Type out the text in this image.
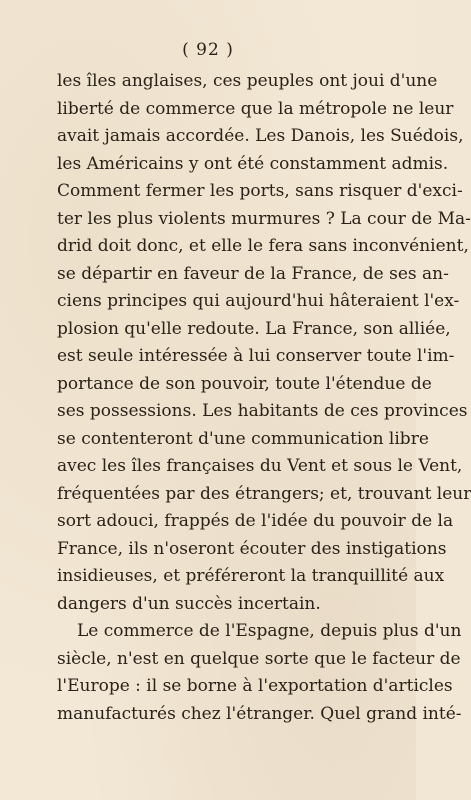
( 92 )
les îles anglaises, ces peuples ont joui d'une
liberté de commerce que la métropole ne leur
avait jamais accordée. Les Danois, les Suédois,
les Américains y ont été constamment admis.
Comment fermer les ports, sans risquer d'exci-
ter les plus violents murmures ? La cour de Ma-
drid doit donc, et elle le fera sans inconvénient,
se départir en faveur de la France, de ses an-
ciens principes qui aujourd'hui hâteraient l'ex-
plosion qu'elle redoute. La France, son alliée,
est seule intéressée à lui conserver toute l'im-
portance de son pouvoir, toute l'étendue de
ses possessions. Les habitants de ces provinces
se contenteront d'une communication libre
avec les îles françaises du Vent et sous le Vent,
fréquentées par des étrangers; et, trouvant leur
sort adouci, frappés de l'idée du pouvoir de la
France, ils n'oseront écouter des instigations
insidieuses, et préféreront la tranquillité aux
dangers d'un succès incertain.
Le commerce de l'Espagne, depuis plus d'un
siècle, n'est en quelque sorte que le facteur de
l'Europe : il se borne à l'exportation d'articles
manufacturés chez l'étranger. Quel grand inté-
